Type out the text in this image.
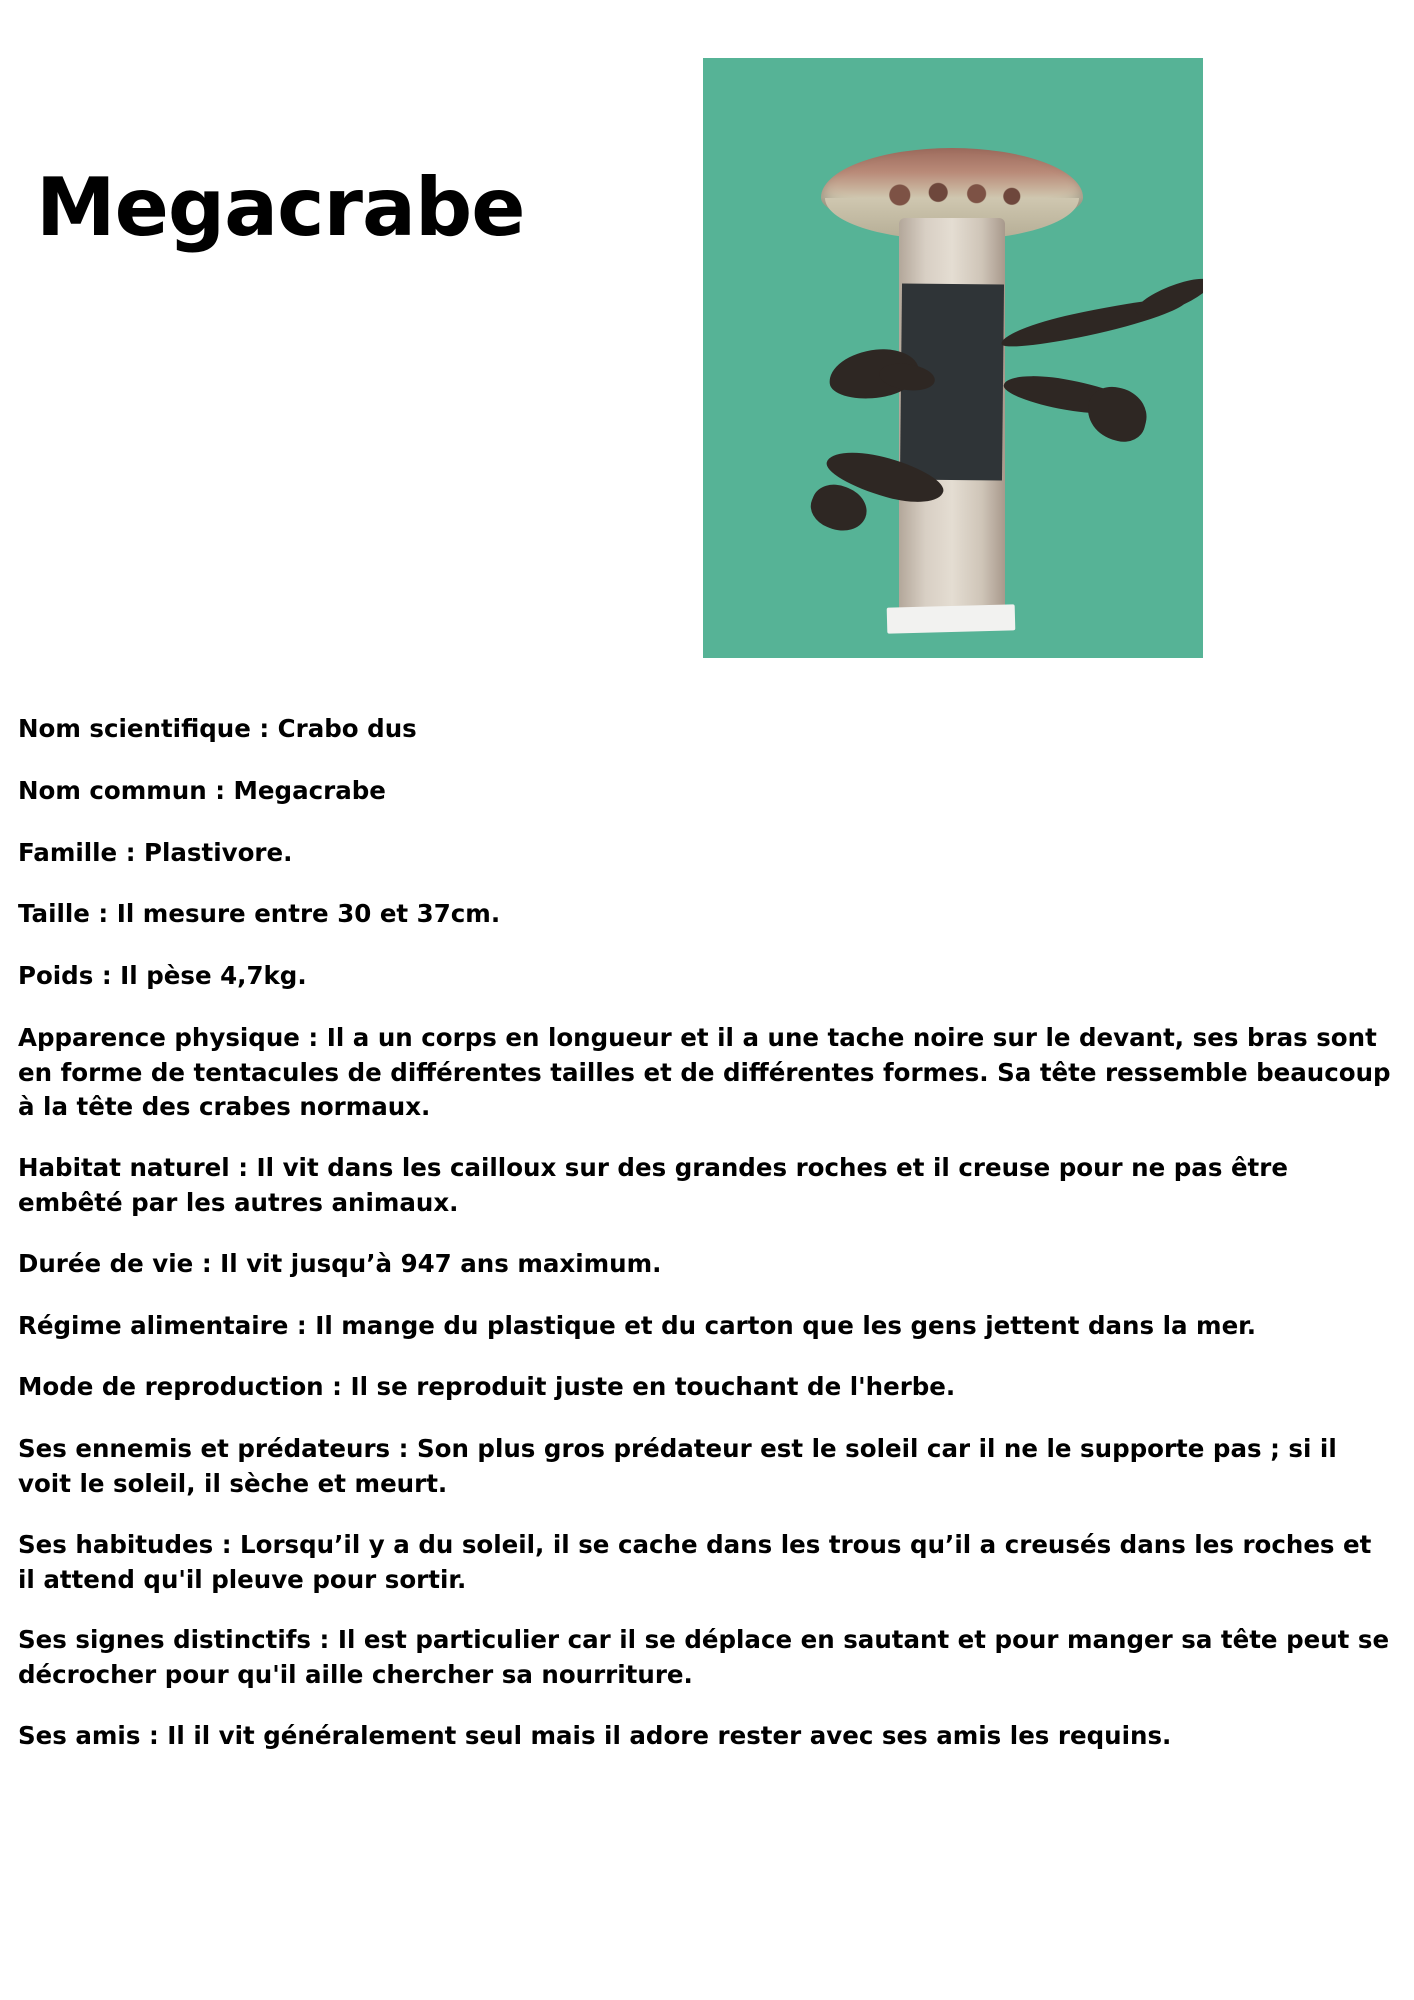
Megacrabe

Nom scientifique : Crabo dus

Nom commun : Megacrabe

Famille : Plastivore.

Taille : Il mesure entre 30 et 37cm.

Poids : Il pèse 4,7kg.

Apparence physique : Il a un corps en longueur et il a une tache noire sur le devant, ses bras sont en forme de tentacules de différentes tailles et de différentes formes. Sa tête ressemble beaucoup à la tête des crabes normaux.

Habitat naturel : Il vit dans les cailloux sur des grandes roches et il creuse pour ne pas être embêté par les autres animaux.

Durée de vie : Il vit jusqu’à 947 ans maximum.

Régime alimentaire : Il mange du plastique et du carton que les gens jettent dans la mer.

Mode de reproduction : Il se reproduit juste en touchant de l'herbe.

Ses ennemis et prédateurs : Son plus gros prédateur est le soleil car il ne le supporte pas ; si il voit le soleil, il sèche et meurt.

Ses habitudes : Lorsqu’il y a du soleil, il se cache dans les trous qu’il a creusés dans les roches et il attend qu'il pleuve pour sortir.

Ses signes distinctifs : Il est particulier car il se déplace en sautant et pour manger sa tête peut se décrocher pour qu'il aille chercher sa nourriture.

Ses amis : Il il vit généralement seul mais il adore rester avec ses amis les requins.
